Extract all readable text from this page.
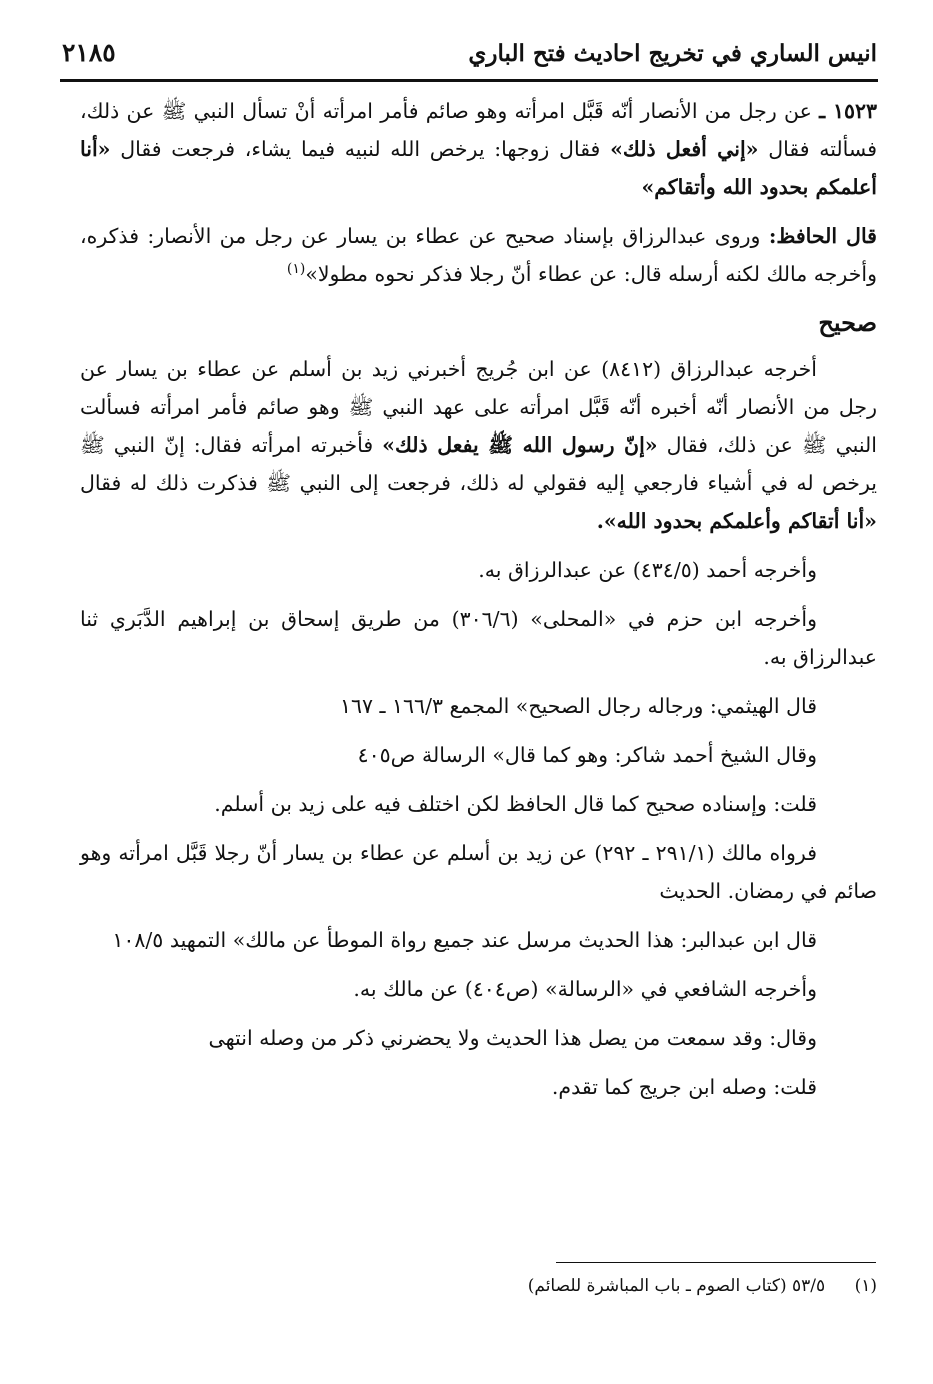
انيس الساري في تخريج احاديث فتح الباري
٢١٨٥

١٥٢٣ ـ عن رجل من الأنصار أنّه قَبَّل امرأته وهو صائم فأمر امرأته أنْ تسأل النبي ﷺ عن ذلك، فسألته فقال «إني أفعل ذلك» فقال زوجها: يرخص الله لنبيه فيما يشاء، فرجعت فقال «أنا أعلمكم بحدود الله وأتقاكم»

قال الحافظ: وروى عبدالرزاق بإسناد صحيح عن عطاء بن يسار عن رجل من الأنصار: فذكره، وأخرجه مالك لكنه أرسله قال: عن عطاء أنّ رجلا فذكر نحوه مطولا»$^{(١)}$

صحيح

أخرجه عبدالرزاق (٨٤١٢) عن ابن جُريج أخبرني زيد بن أسلم عن عطاء بن يسار عن رجل من الأنصار أنّه أخبره أنّه قَبَّل امرأته على عهد النبي ﷺ وهو صائم فأمر امرأته فسألت النبي ﷺ عن ذلك، فقال «إنّ رسول الله ﷺ يفعل ذلك» فأخبرته امرأته فقال: إنّ النبي ﷺ يرخص له في أشياء فارجعي إليه فقولي له ذلك، فرجعت إلى النبي ﷺ فذكرت ذلك له فقال «أنا أتقاكم وأعلمكم بحدود الله».

وأخرجه أحمد (٤٣٤/٥) عن عبدالرزاق به.

وأخرجه ابن حزم في «المحلى» (٣٠٦/٦) من طريق إسحاق بن إبراهيم الدَّبَري ثنا عبدالرزاق به.

قال الهيثمي: ورجاله رجال الصحيح» المجمع ١٦٦/٣ ـ ١٦٧

وقال الشيخ أحمد شاكر: وهو كما قال» الرسالة ص٤٠٥

قلت: وإسناده صحيح كما قال الحافظ لكن اختلف فيه على زيد بن أسلم.

فرواه مالك (٢٩١/١ ـ ٢٩٢) عن زيد بن أسلم عن عطاء بن يسار أنّ رجلا قَبَّل امرأته وهو صائم في رمضان. الحديث

قال ابن عبدالبر: هذا الحديث مرسل عند جميع رواة الموطأ عن مالك» التمهيد ١٠٨/٥

وأخرجه الشافعي في «الرسالة» (ص٤٠٤) عن مالك به.

وقال: وقد سمعت من يصل هذا الحديث ولا يحضرني ذكر من وصله انتهى

قلت: وصله ابن جريج كما تقدم.

(١) ٥٣/٥ (كتاب الصوم ـ باب المباشرة للصائم)
